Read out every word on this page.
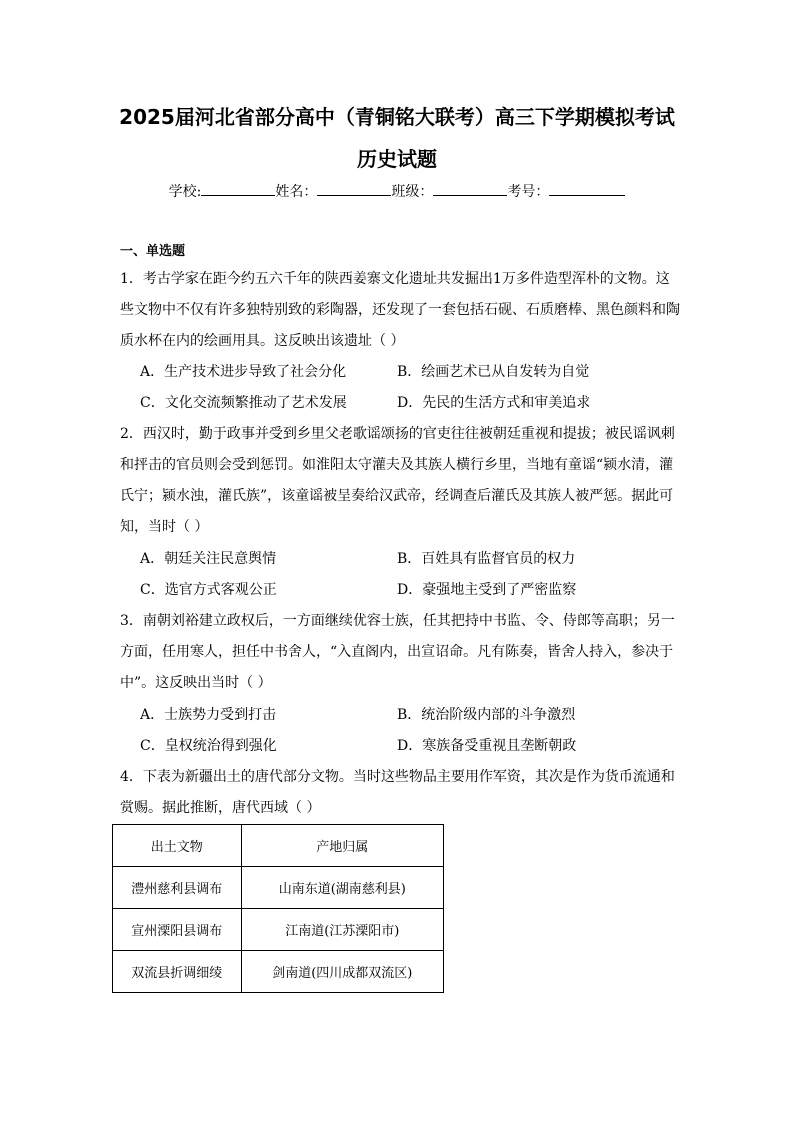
2025届河北省部分高中（青铜铭大联考）高三下学期模拟考试
历史试题
学校:	姓名：	班级：	考号：
一、单选题
1．考古学家在距今约五六千年的陕西姜寨文化遗址共发掘出1万多件造型浑朴的文物。这
些文物中不仅有许多独特别致的彩陶器，还发现了一套包括石砚、石质磨棒、黑色颜料和陶
质水杯在内的绘画用具。这反映出该遗址（ ）
A．生产技术进步导致了社会分化	B．绘画艺术已从自发转为自觉
C．文化交流频繁推动了艺术发展	D．先民的生活方式和审美追求
2．西汉时，勤于政事并受到乡里父老歌谣颂扬的官吏往往被朝廷重视和提拔；被民谣讽刺
和抨击的官员则会受到惩罚。如淮阳太守灌夫及其族人横行乡里，当地有童谣“颍水清，灌
氏宁；颍水浊，灌氏族”，该童谣被呈奏给汉武帝，经调查后灌氏及其族人被严惩。据此可
知，当时（ ）
A．朝廷关注民意舆情	B．百姓具有监督官员的权力
C．选官方式客观公正	D．豪强地主受到了严密监察
3．南朝刘裕建立政权后，一方面继续优容士族，任其把持中书监、令、侍郎等高职；另一
方面，任用寒人，担任中书舍人，“入直阁内，出宣诏命。凡有陈奏，皆舍人持入，参决于
中”。这反映出当时（ ）
A．士族势力受到打击	B．统治阶级内部的斗争激烈
C．皇权统治得到强化	D．寒族备受重视且垄断朝政
4．下表为新疆出土的唐代部分文物。当时这些物品主要用作军资，其次是作为货币流通和
赏赐。据此推断，唐代西域（ ）
出土文物	产地归属
澧州慈利县调布	山南东道(湖南慈利县)
宣州溧阳县调布	江南道(江苏溧阳市)
双流县折调细绫	剑南道(四川成都双流区)
